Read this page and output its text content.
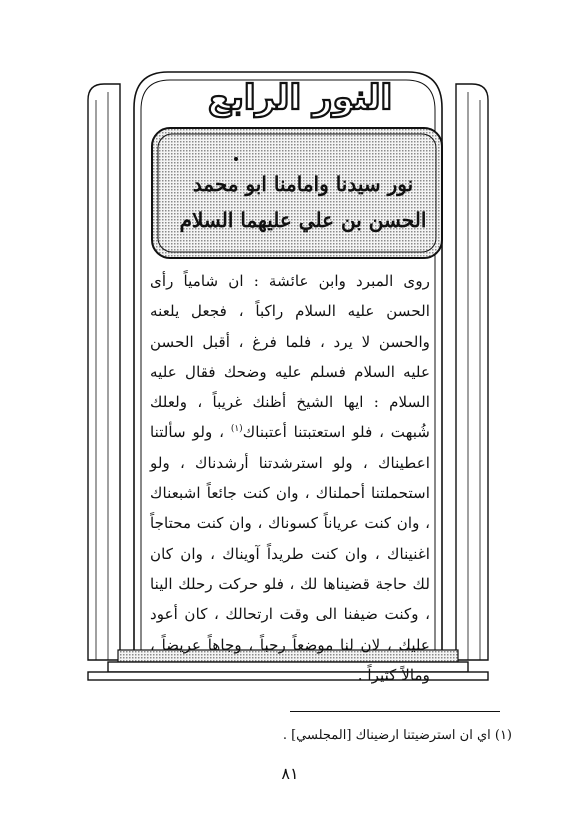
النور الرابع
نور سيدنا وامامنا ابو محمد
الحسن بن علي عليهما السلام
روى المبرد وابن عائشة : ان شامياً رأى الحسن عليه السلام راكباً ، فجعل يلعنه والحسن لا يرد ، فلما فرغ ، أقبل الحسن عليه السلام فسلم عليه وضحك فقال عليه السلام : ايها الشيخ أظنك غريباً ، ولعلك شُبهت ، فلو استعتبتنا أعتبناك$^{(١)}$ ، ولو سألتنا اعطيناك ، ولو استرشدتنا أرشدناك ، ولو استحملتنا أحملناك ، وان كنت جائعاً اشبعناك ، وان كنت عرياناً كسوناك ، وان كنت محتاجاً اغنيناك ، وان كنت طريداً آويناك ، وان كان لك حاجة قضيناها لك ، فلو حركت رحلك الينا ، وكنت ضيفنا الى وقت ارتحالك ، كان أعود عليك ، لان لنا موضعاً رحباً ، وجاهاً عريضاً ، ومالاً كثيراً .
(١) اي ان استرضيتنا ارضيناك [المجلسي] .
٨١
